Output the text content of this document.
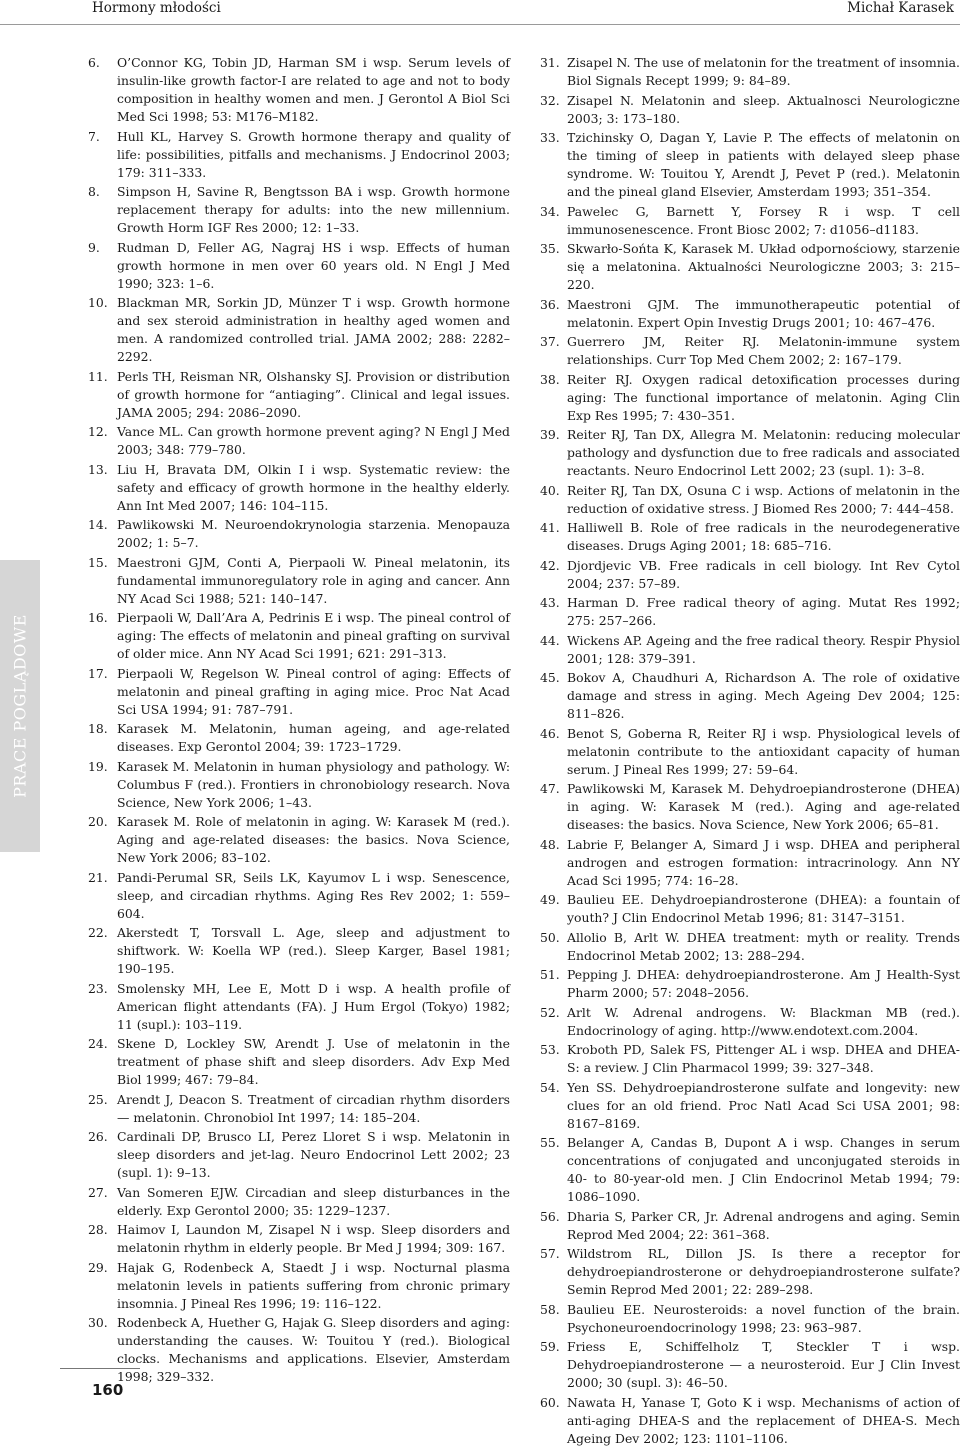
Hormony młodości	Michał Karasek
PRACE POGLĄDOWE
6.	O’Connor KG, Tobin JD, Harman SM i wsp. Serum levels of insulin-like growth factor-I are related to age and not to body composition in healthy women and men. J Gerontol A Biol Sci Med Sci 1998; 53: M176–M182.
7.	Hull KL, Harvey S. Growth hormone therapy and quality of life: possibilities, pitfalls and mechanisms. J Endocrinol 2003; 179: 311–333.
8.	Simpson H, Savine R, Bengtsson BA i wsp. Growth hormone replacement therapy for adults: into the new millennium. Growth Horm IGF Res 2000; 12: 1–33.
9.	Rudman D, Feller AG, Nagraj HS i wsp. Effects of human growth hormone in men over 60 years old. N Engl J Med 1990; 323: 1–6.
10. Blackman MR, Sorkin JD, Münzer T i wsp. Growth hormone and sex steroid administration in healthy aged women and men. A randomized controlled trial. JAMA 2002; 288: 2282–2292.
11. Perls TH, Reisman NR, Olshansky SJ. Provision or distribution of growth hormone for “antiaging”. Clinical and legal issues. JAMA 2005; 294: 2086–2090.
12. Vance ML. Can growth hormone prevent aging? N Engl J Med 2003; 348: 779–780.
13. Liu H, Bravata DM, Olkin I i wsp. Systematic review: the safety and efficacy of growth hormone in the healthy elderly. Ann Int Med 2007; 146: 104–115.
14. Pawlikowski M. Neuroendokrynologia starzenia. Menopauza 2002; 1: 5–7.
15. Maestroni GJM, Conti A, Pierpaoli W. Pineal melatonin, its fundamental immunoregulatory role in aging and cancer. Ann NY Acad Sci 1988; 521: 140–147.
16. Pierpaoli W, Dall’Ara A, Pedrinis E i wsp. The pineal control of aging: The effects of melatonin and pineal grafting on survival of older mice. Ann NY Acad Sci 1991; 621: 291–313.
17. Pierpaoli W, Regelson W. Pineal control of aging: Effects of melatonin and pineal grafting in aging mice. Proc Nat Acad Sci USA 1994; 91: 787–791.
18. Karasek M. Melatonin, human ageing, and age-related diseases. Exp Gerontol 2004; 39: 1723–1729.
19. Karasek M. Melatonin in human physiology and pathology. W: Columbus F (red.). Frontiers in chronobiology research. Nova Science, New York 2006; 1–43.
20. Karasek M. Role of melatonin in aging. W: Karasek M (red.). Aging and age-related diseases: the basics. Nova Science, New York 2006; 83–102.
21. Pandi-Perumal SR, Seils LK, Kayumov L i wsp. Senescence, sleep, and circadian rhythms. Aging Res Rev 2002; 1: 559–604.
22. Akerstedt T, Torsvall L. Age, sleep and adjustment to shiftwork. W: Koella WP (red.). Sleep Karger, Basel 1981; 190–195.
23. Smolensky MH, Lee E, Mott D i wsp. A health profile of American flight attendants (FA). J Hum Ergol (Tokyo) 1982; 11 (supl.): 103–119.
24. Skene D, Lockley SW, Arendt J. Use of melatonin in the treatment of phase shift and sleep disorders. Adv Exp Med Biol 1999; 467: 79–84.
25. Arendt J, Deacon S. Treatment of circadian rhythm disorders — melatonin. Chronobiol Int 1997; 14: 185–204.
26. Cardinali DP, Brusco LI, Perez Lloret S i wsp. Melatonin in sleep disorders and jet-lag. Neuro Endocrinol Lett 2002; 23 (supl. 1): 9–13.
27. Van Someren EJW. Circadian and sleep disturbances in the elderly. Exp Gerontol 2000; 35: 1229–1237.
28. Haimov I, Laundon M, Zisapel N i wsp. Sleep disorders and melatonin rhythm in elderly people. Br Med J 1994; 309: 167.
29. Hajak G, Rodenbeck A, Staedt J i wsp. Nocturnal plasma melatonin levels in patients suffering from chronic primary insomnia. J Pineal Res 1996; 19: 116–122.
30. Rodenbeck A, Huether G, Hajak G. Sleep disorders and aging: understanding the causes. W: Touitou Y (red.). Biological clocks. Mechanisms and applications. Elsevier, Amsterdam 1998; 329–332.
31. Zisapel N. The use of melatonin for the treatment of insomnia. Biol Signals Recept 1999; 9: 84–89.
32. Zisapel N. Melatonin and sleep. Aktualnosci Neurologiczne 2003; 3: 173–180.
33. Tzichinsky O, Dagan Y, Lavie P. The effects of melatonin on the timing of sleep in patients with delayed sleep phase syndrome. W: Touitou Y, Arendt J, Pevet P (red.). Melatonin and the pineal gland Elsevier, Amsterdam 1993; 351–354.
34. Pawelec G, Barnett Y, Forsey R i wsp. T cell immunosenescence. Front Biosc 2002; 7: d1056–d1183.
35. Skwarło-Sońta K, Karasek M. Układ odpornościowy, starzenie się a melatonina. Aktualności Neurologiczne 2003; 3: 215–220.
36. Maestroni GJM. The immunotherapeutic potential of melatonin. Expert Opin Investig Drugs 2001; 10: 467–476.
37. Guerrero JM, Reiter RJ. Melatonin-immune system relationships. Curr Top Med Chem 2002; 2: 167–179.
38. Reiter RJ. Oxygen radical detoxification processes during aging: The functional importance of melatonin. Aging Clin Exp Res 1995; 7: 430–351.
39. Reiter RJ, Tan DX, Allegra M. Melatonin: reducing molecular pathology and dysfunction due to free radicals and associated reactants. Neuro Endocrinol Lett 2002; 23 (supl. 1): 3–8.
40. Reiter RJ, Tan DX, Osuna C i wsp. Actions of melatonin in the reduction of oxidative stress. J Biomed Res 2000; 7: 444–458.
41. Halliwell B. Role of free radicals in the neurodegenerative diseases. Drugs Aging 2001; 18: 685–716.
42. Djordjevic VB. Free radicals in cell biology. Int Rev Cytol 2004; 237: 57–89.
43. Harman D. Free radical theory of aging. Mutat Res 1992; 275: 257–266.
44. Wickens AP. Ageing and the free radical theory. Respir Physiol 2001; 128: 379–391.
45. Bokov A, Chaudhuri A, Richardson A. The role of oxidative damage and stress in aging. Mech Ageing Dev 2004; 125: 811–826.
46. Benot S, Goberna R, Reiter RJ i wsp. Physiological levels of melatonin contribute to the antioxidant capacity of human serum. J Pineal Res 1999; 27: 59–64.
47. Pawlikowski M, Karasek M. Dehydroepiandrosterone (DHEA) in aging. W: Karasek M (red.). Aging and age-related diseases: the basics. Nova Science, New York 2006; 65–81.
48. Labrie F, Belanger A, Simard J i wsp. DHEA and peripheral androgen and estrogen formation: intracrinology. Ann NY Acad Sci 1995; 774: 16–28.
49. Baulieu EE. Dehydroepiandrosterone (DHEA): a fountain of youth? J Clin Endocrinol Metab 1996; 81: 3147–3151.
50. Allolio B, Arlt W. DHEA treatment: myth or reality. Trends Endocrinol Metab 2002; 13: 288–294.
51. Pepping J. DHEA: dehydroepiandrosterone. Am J Health-Syst Pharm 2000; 57: 2048–2056.
52. Arlt W. Adrenal androgens. W: Blackman MB (red.). Endocrinology of aging. http://www.endotext.com.2004.
53. Kroboth PD, Salek FS, Pittenger AL i wsp. DHEA and DHEA-S: a review. J Clin Pharmacol 1999; 39: 327–348.
54. Yen SS. Dehydroepiandrosterone sulfate and longevity: new clues for an old friend. Proc Natl Acad Sci USA 2001; 98: 8167–8169.
55. Belanger A, Candas B, Dupont A i wsp. Changes in serum concentrations of conjugated and unconjugated steroids in 40- to 80-year-old men. J Clin Endocrinol Metab 1994; 79: 1086–1090.
56. Dharia S, Parker CR, Jr. Adrenal androgens and aging. Semin Reprod Med 2004; 22: 361–368.
57. Wildstrom RL, Dillon JS. Is there a receptor for dehydroepiandrosterone or dehydroepiandrosterone sulfate? Semin Reprod Med 2001; 22: 289–298.
58. Baulieu EE. Neurosteroids: a novel function of the brain. Psychoneuroendocrinology 1998; 23: 963–987.
59. Friess E, Schiffelholz T, Steckler T i wsp. Dehydroepiandrosterone — a neurosteroid. Eur J Clin Invest 2000; 30 (supl. 3): 46–50.
60. Nawata H, Yanase T, Goto K i wsp. Mechanisms of action of anti-aging DHEA-S and the replacement of DHEA-S. Mech Ageing Dev 2002; 123: 1101–1106.
160
